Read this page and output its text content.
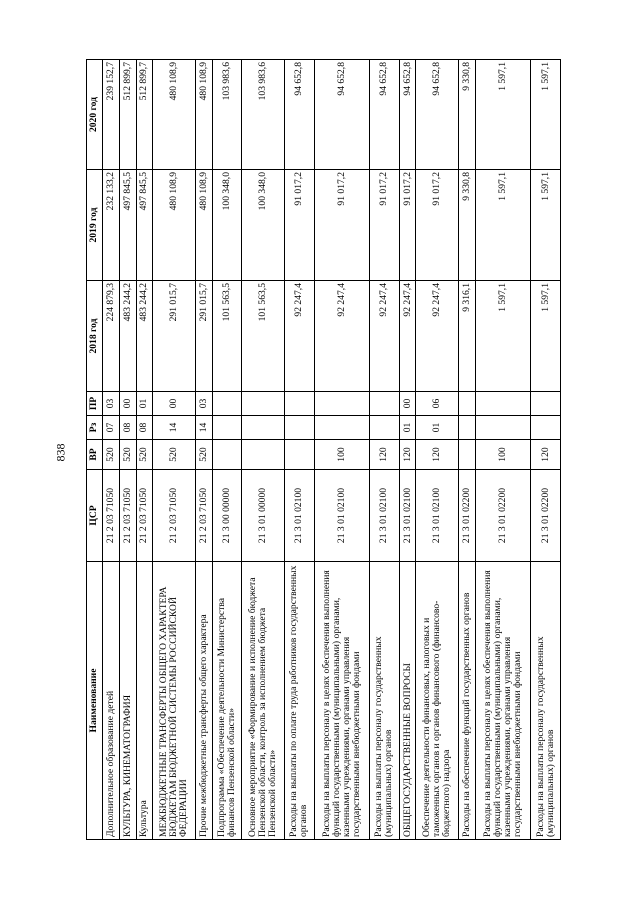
838
Наименование	ЦСР	ВР	Рз	ПР	2018 год	2019 год	2020 год
Дополнительное образование детей	21 2 03 71050	520	07	03	224 879,3	232 133,2	239 152,7
КУЛЬТУРА, КИНЕМАТОГРАФИЯ	21 2 03 71050	520	08	00	483 244,2	497 845,5	512 899,7
Культура	21 2 03 71050	520	08	01	483 244,2	497 845,5	512 899,7
МЕЖБЮДЖЕТНЫЕ ТРАНСФЕРТЫ ОБЩЕГО ХАРАКТЕРА БЮДЖЕТАМ БЮДЖЕТНОЙ СИСТЕМЫ РОССИЙСКОЙ ФЕДЕРАЦИИ	21 2 03 71050	520	14	00	291 015,7	480 108,9	480 108,9
Прочие межбюджетные трансферты общего характера	21 2 03 71050	520	14	03	291 015,7	480 108,9	480 108,9
Подпрограмма «Обеспечение деятельности Министерства финансов Пензенской области»	21 3 00 00000				101 563,5	100 348,0	103 983,6
Основное мероприятие «Формирование и исполнение бюджета Пензенской области, контроль за исполнением бюджета Пензенской области»	21 3 01 00000				101 563,5	100 348,0	103 983,6
Расходы на выплаты по оплате труда работников государственных органов	21 3 01 02100				92 247,4	91 017,2	94 652,8
Расходы на выплаты персоналу в целях обеспечения выполнения функций государственными (муниципальными) органами, казенными учреждениями, органами управления государственными внебюджетными фондами	21 3 01 02100	100			92 247,4	91 017,2	94 652,8
Расходы на выплаты персоналу государственных (муниципальных) органов	21 3 01 02100	120			92 247,4	91 017,2	94 652,8
ОБЩЕГОСУДАРСТВЕННЫЕ ВОПРОСЫ	21 3 01 02100	120	01	00	92 247,4	91 017,2	94 652,8
Обеспечение деятельности финансовых, налоговых и таможенных органов и органов финансового (финансово-бюджетного) надзора	21 3 01 02100	120	01	06	92 247,4	91 017,2	94 652,8
Расходы на обеспечение функций государственных органов	21 3 01 02200				9 316,1	9 330,8	9 330,8
Расходы на выплаты персоналу в целях обеспечения выполнения функций государственными (муниципальными) органами, казенными учреждениями, органами управления государственными внебюджетными фондами	21 3 01 02200	100			1 597,1	1 597,1	1 597,1
Расходы на выплаты персоналу государственных (муниципальных) органов	21 3 01 02200	120			1 597,1	1 597,1	1 597,1
